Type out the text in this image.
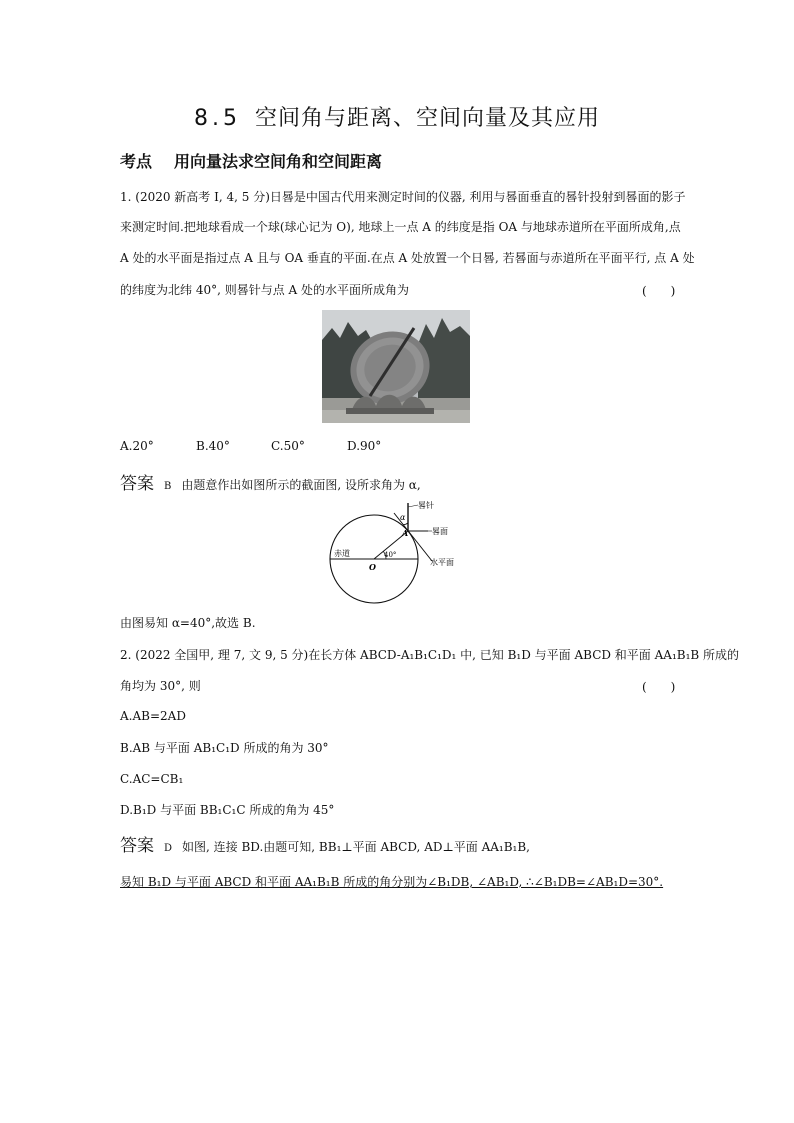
8.5 空间角与距离、空间向量及其应用
考点 用向量法求空间角和空间距离
1. (2020 新高考 Ⅰ, 4, 5 分)日晷是中国古代用来测定时间的仪器, 利用与晷面垂直的晷针投射到晷面的影子
来测定时间.把地球看成一个球(球心记为 O), 地球上一点 A 的纬度是指 OA 与地球赤道所在平面所成角,点
A 处的水平面是指过点 A 且与 OA 垂直的平面.在点 A 处放置一个日晷, 若晷面与赤道所在平面平行, 点 A 处
的纬度为北纬 40°, 则晷针与点 A 处的水平面所成角为	(　　)
A.20°	B.40°	C.50°	D.90°
答案 B 由题意作出如图所示的截面图, 设所求角为 α,
晷针
晷面
赤道
水平面
α
A
O
40°
由图易知 α=40°,故选 B.
2. (2022 全国甲, 理 7, 文 9, 5 分)在长方体 ABCD-A₁B₁C₁D₁ 中, 已知 B₁D 与平面 ABCD 和平面 AA₁B₁B 所成的
角均为 30°, 则	(　　)
A.AB=2AD
B.AB 与平面 AB₁C₁D 所成的角为 30°
C.AC=CB₁
D.B₁D 与平面 BB₁C₁C 所成的角为 45°
答案 D 如图, 连接 BD.由题可知, BB₁⊥平面 ABCD, AD⊥平面 AA₁B₁B,
易知 B₁D 与平面 ABCD 和平面 AA₁B₁B 所成的角分别为∠B₁DB, ∠AB₁D, ∴∠B₁DB=∠AB₁D=30°.
